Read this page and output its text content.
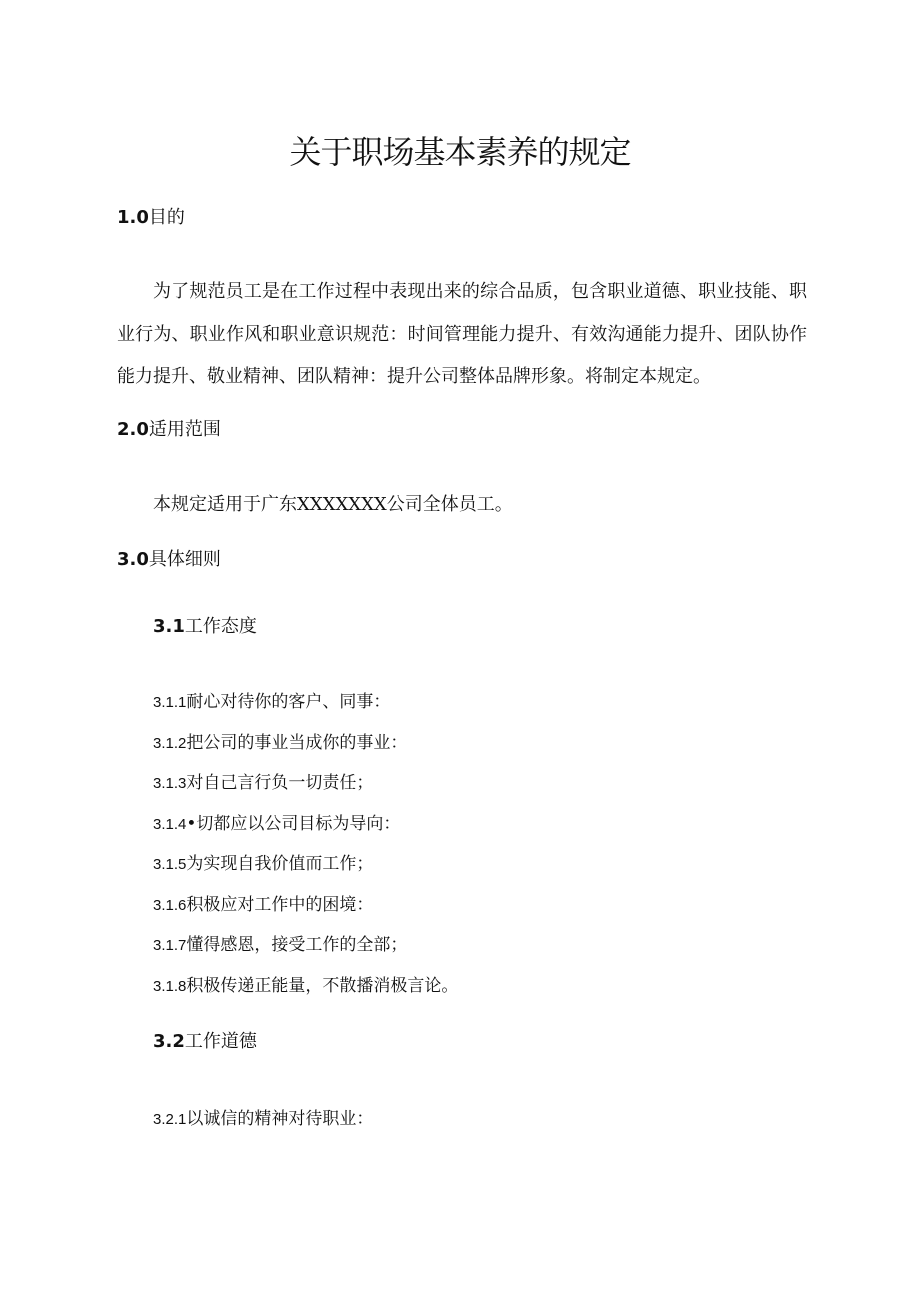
关于职场基本素养的规定
1.0目的

为了规范员工是在工作过程中表现出来的综合品质，包含职业道德、职业技能、职业行为、职业作风和职业意识规范：时间管理能力提升、有效沟通能力提升、团队协作能力提升、敬业精神、团队精神：提升公司整体品牌形象。将制定本规定。

2.0适用范围

本规定适用于广东XXXXXXX公司全体员工。

3.0具体细则
3.1工作态度
3.1.1耐心对待你的客户、同事：
3.1.2把公司的事业当成你的事业：
3.1.3对自己言行负一切责任；
3.1.4•切都应以公司目标为导向：
3.1.5为实现自我价值而工作；
3.1.6积极应对工作中的困境：
3.1.7懂得感恩，接受工作的全部；
3.1.8积极传递正能量，不散播消极言论。
3.2工作道德
3.2.1以诚信的精神对待职业：
